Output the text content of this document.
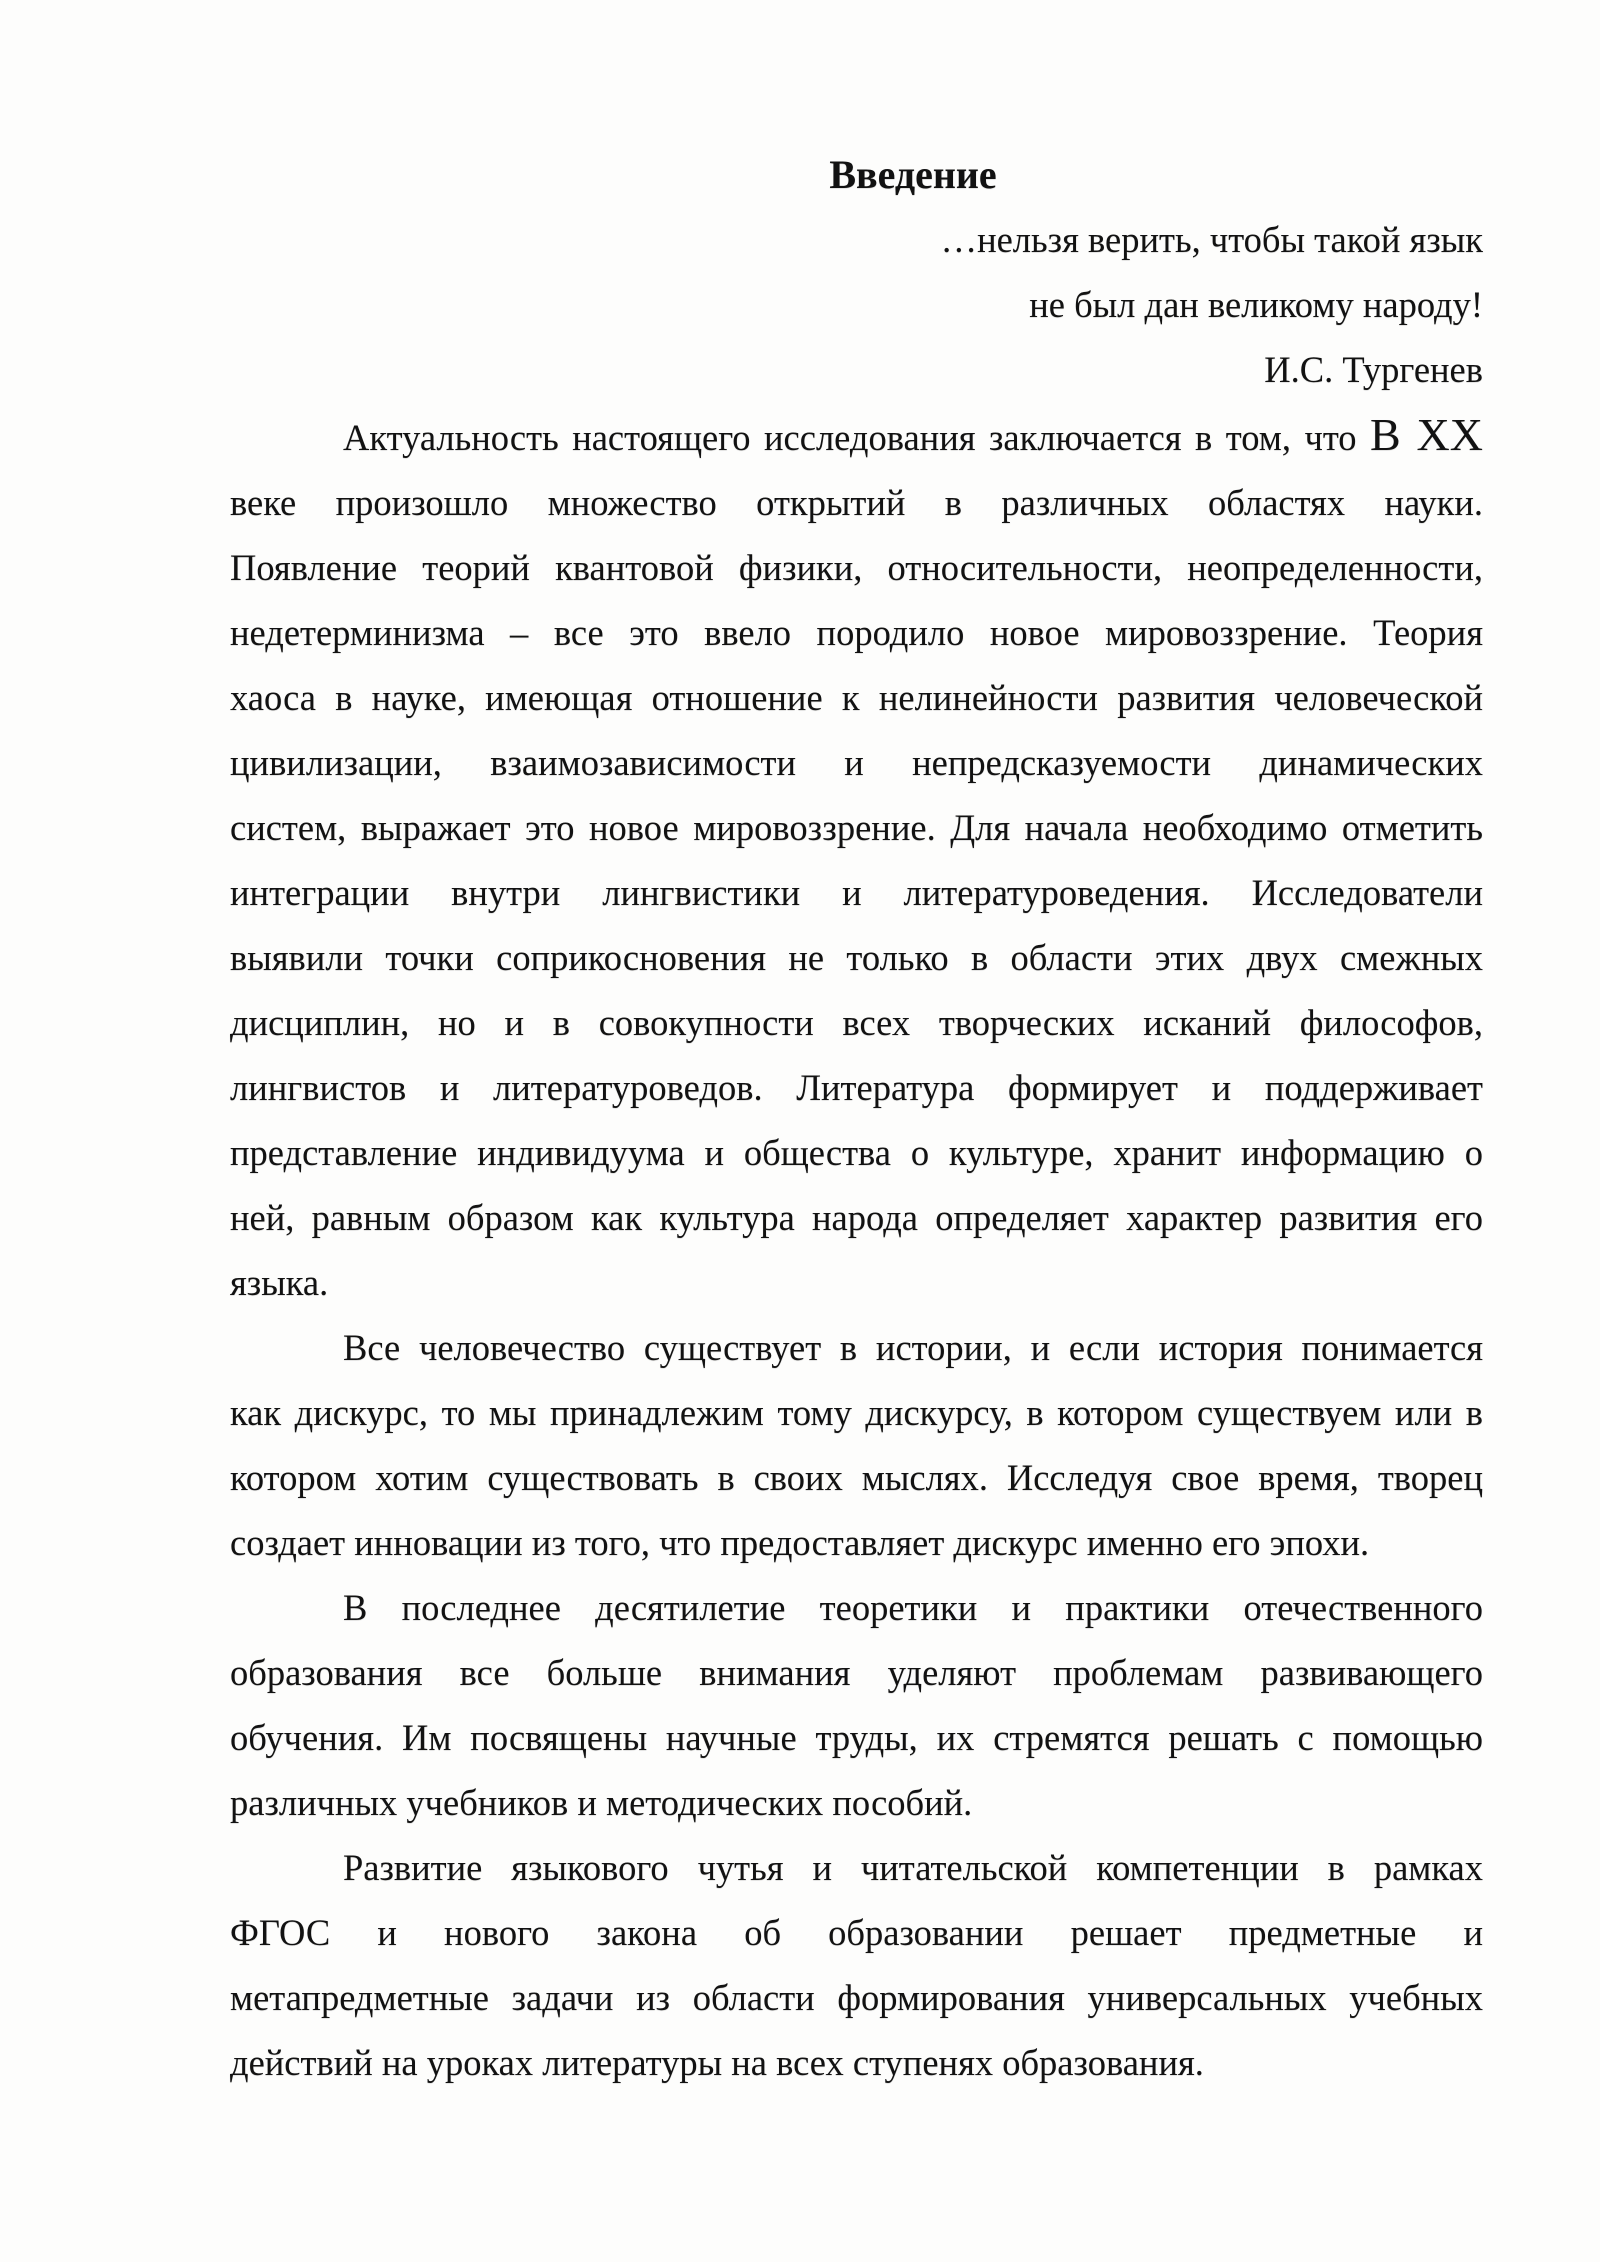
Введение
…нельзя верить, чтобы такой язык
не был дан великому народу!
И.С. Тургенев
Актуальность настоящего исследования заключается в том, что В ХХ
веке произошло множество открытий в различных областях науки.
Появление теорий квантовой физики, относительности, неопределенности,
недетерминизма – все это ввело породило новое мировоззрение. Теория
хаоса в науке, имеющая отношение к нелинейности развития человеческой
цивилизации, взаимозависимости и непредсказуемости динамических
систем, выражает это новое мировоззрение. Для начала необходимо отметить
интеграции внутри лингвистики и литературоведения. Исследователи
выявили точки соприкосновения не только в области этих двух смежных
дисциплин, но и в совокупности всех творческих исканий философов,
лингвистов и литературоведов. Литература формирует и поддерживает
представление индивидуума и общества о культуре, хранит информацию о
ней, равным образом как культура народа определяет характер развития его
языка.
Все человечество существует в истории, и если история понимается
как дискурс, то мы принадлежим тому дискурсу, в котором существуем или в
котором хотим существовать в своих мыслях. Исследуя свое время, творец
создает инновации из того, что предоставляет дискурс именно его эпохи.
В последнее десятилетие теоретики и практики отечественного
образования все больше внимания уделяют проблемам развивающего
обучения. Им посвящены научные труды, их стремятся решать с помощью
различных учебников и методических пособий.
Развитие языкового чутья и читательской компетенции в рамках
ФГОС и нового закона об образовании решает предметные и
метапредметные задачи из области формирования универсальных учебных
действий на уроках литературы на всех ступенях образования.
